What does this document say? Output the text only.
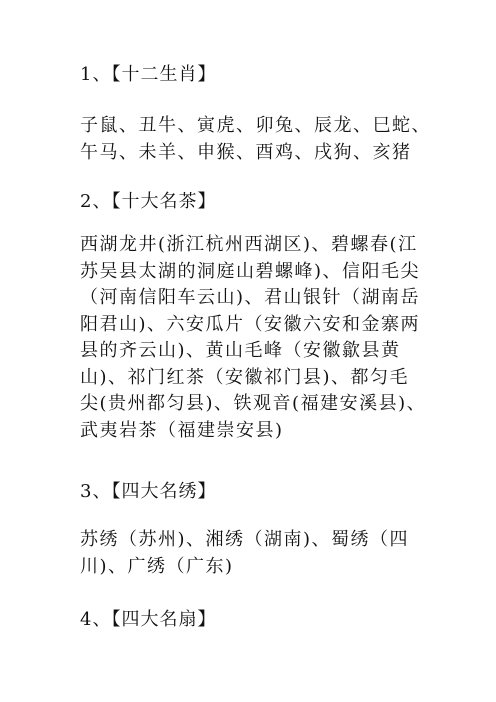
1、【十二生肖】
子鼠、丑牛、寅虎、卯兔、辰龙、巳蛇、
午马、未羊、申猴、酉鸡、戌狗、亥猪
2、【十大名茶】
西湖龙井(浙江杭州西湖区)、碧螺春(江
苏吴县太湖的洞庭山碧螺峰)、信阳毛尖
（河南信阳车云山)、君山银针（湖南岳
阳君山)、六安瓜片（安徽六安和金寨两
县的齐云山)、黄山毛峰（安徽歙县黄
山)、祁门红茶（安徽祁门县)、都匀毛
尖(贵州都匀县)、铁观音(福建安溪县)、
武夷岩茶（福建崇安县)
3、【四大名绣】
苏绣（苏州)、湘绣（湖南)、蜀绣（四
川)、广绣（广东)
4、【四大名扇】
